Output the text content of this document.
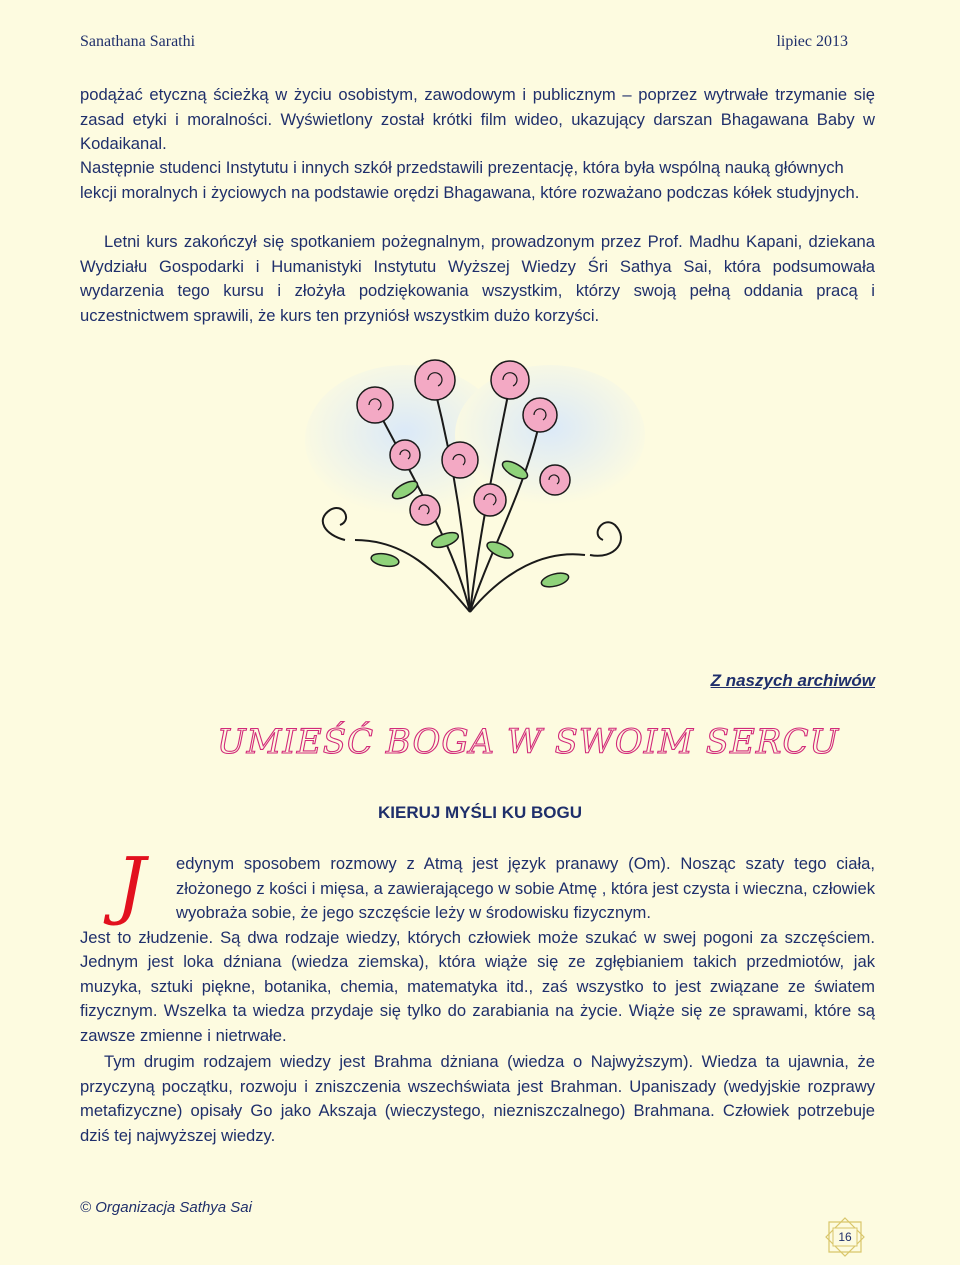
Sanathana Sarathi	lipiec 2013

podążać etyczną ścieżką w życiu osobistym, zawodowym i publicznym – poprzez wytrwałe trzymanie się zasad etyki i moralności. Wyświetlony został krótki film wideo, ukazujący darszan Bhagawana Baby w Kodaikanal.

Następnie studenci Instytutu i innych szkół przedstawili prezentację, która była wspólną nauką głównych lekcji moralnych i życiowych na podstawie orędzi Bhagawana, które rozważano podczas kółek studyjnych.

Letni kurs zakończył się spotkaniem pożegnalnym, prowadzonym przez Prof. Madhu Kapani, dziekana Wydziału Gospodarki i Humanistyki Instytutu Wyższej Wiedzy Śri Sathya Sai, która podsumowała wydarzenia tego kursu i złożyła podziękowania wszystkim, którzy swoją pełną oddania pracą i uczestnictwem sprawili, że kurs ten przyniósł wszystkim dużo korzyści.

Z naszych archiwów
UMIEŚĆ BOGA W SWOIM SERCU
KIERUJ MYŚLI KU BOGU
J	edynym sposobem rozmowy z Atmą jest język pranawy (Om). Nosząc szaty tego ciała, złożonego z kości i mięsa, a zawierającego w sobie Atmę , która jest czysta i wieczna, człowiek wyobraża sobie, że jego szczęście leży w środowisku fizycznym.
Jest to złudzenie. Są dwa rodzaje wiedzy, których człowiek może szukać w swej pogoni za szczęściem. Jednym jest loka dźniana (wiedza ziemska), która wiąże się ze zgłębianiem takich przedmiotów, jak muzyka, sztuki piękne, botanika, chemia, matematyka itd., zaś wszystko to jest związane ze światem fizycznym. Wszelka ta wiedza przydaje się tylko do zarabiania na życie. Wiąże się ze sprawami, które są zawsze zmienne i nietrwałe.

Tym drugim rodzajem wiedzy jest Brahma dżniana (wiedza o Najwyższym). Wiedza ta ujawnia, że przyczyną początku, rozwoju i zniszczenia wszechświata jest Brahman. Upaniszady (wedyjskie rozprawy metafizyczne) opisały Go jako Akszaja (wieczystego, niezniszczalnego) Brahmana. Człowiek potrzebuje dziś tej najwyższej wiedzy.

© Organizacja Sathya Sai
16
